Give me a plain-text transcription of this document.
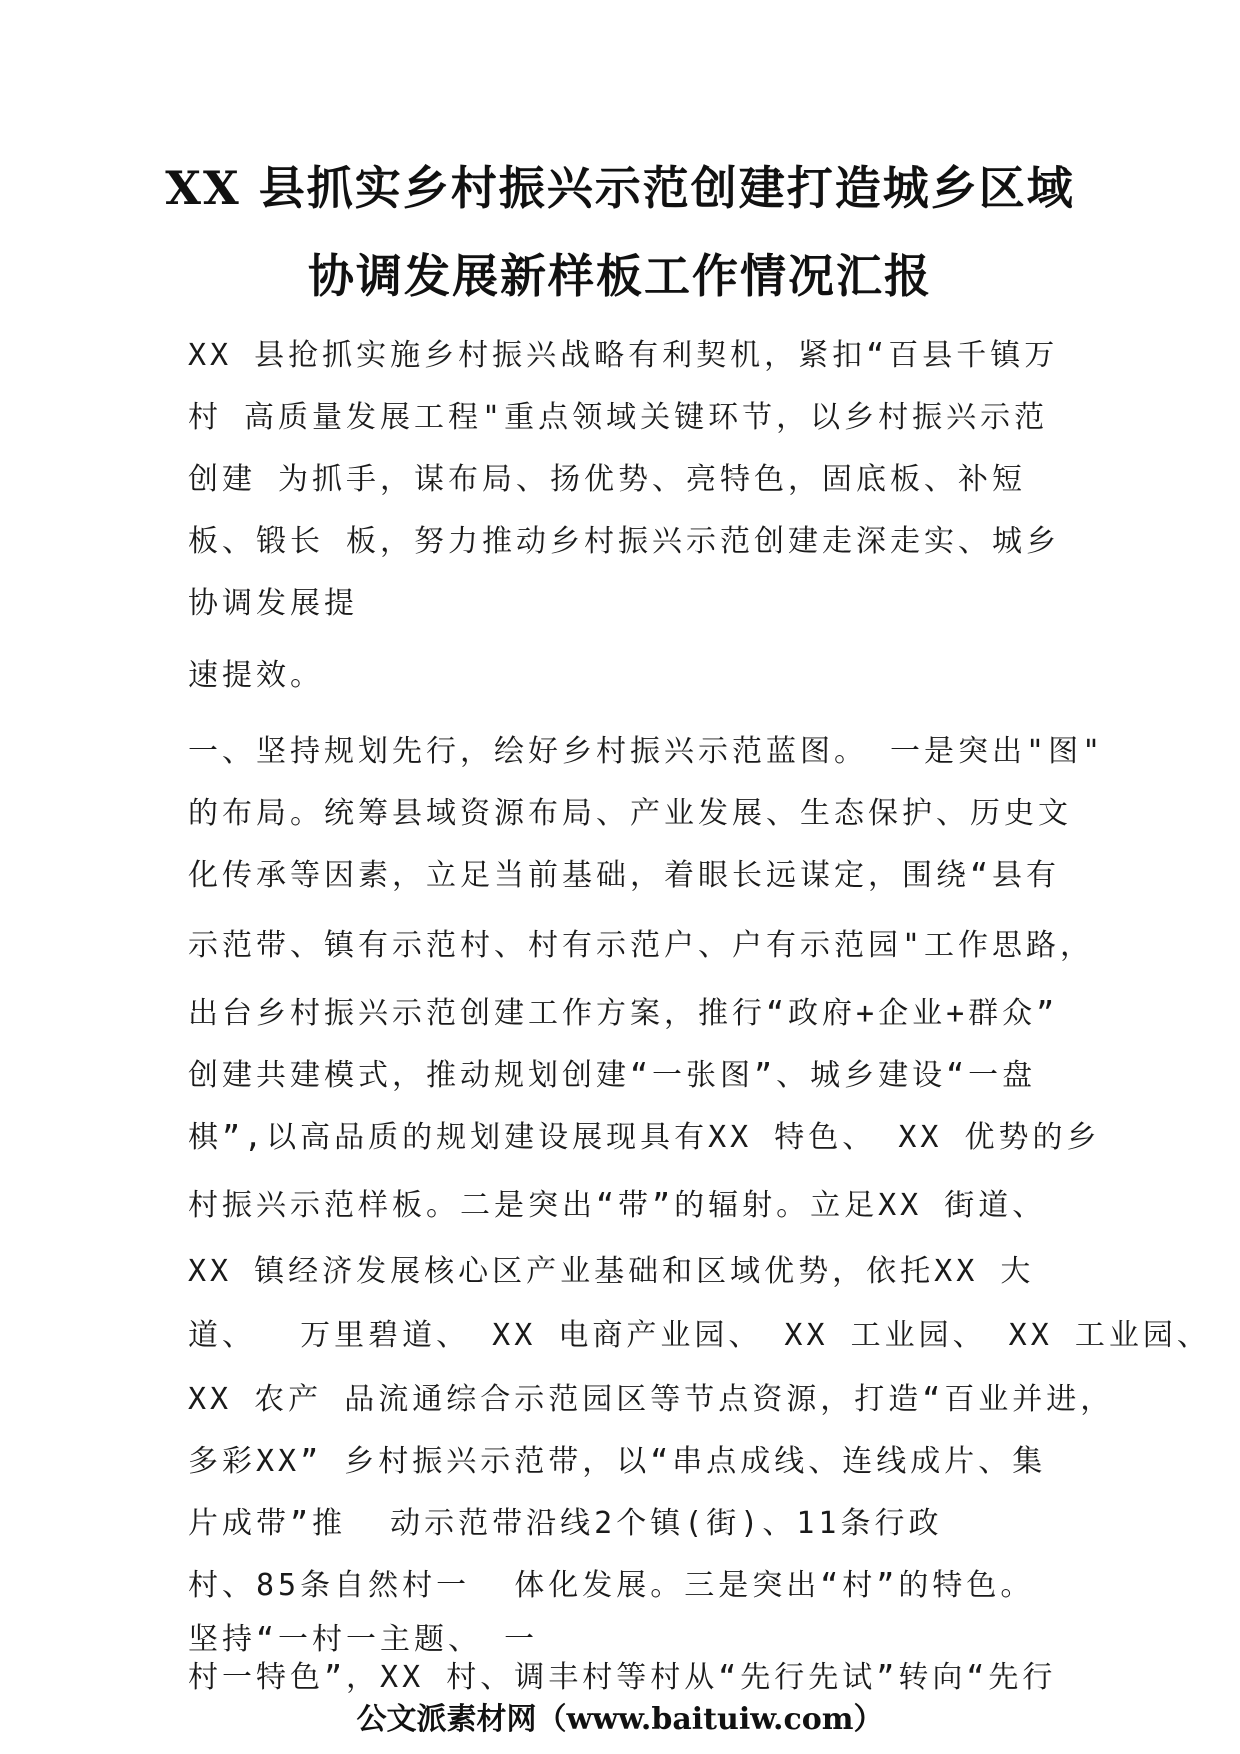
XX 县抓实乡村振兴示范创建打造城乡区域
协调发展新样板工作情况汇报
XX 县抢抓实施乡村振兴战略有利契机，紧扣“百县千镇万
村 高质量发展工程"重点领域关键环节，以乡村振兴示范
创建 为抓手，谋布局、扬优势、亮特色，固底板、补短
板、锻长 板，努力推动乡村振兴示范创建走深走实、城乡
协调发展提
速提效。
一、坚持规划先行，绘好乡村振兴示范蓝图。 一是突出"图"
的布局。统筹县域资源布局、产业发展、生态保护、历史文
化传承等因素，立足当前基础，着眼长远谋定，围绕“县有
示范带、镇有示范村、村有示范户、户有示范园"工作思路，
出台乡村振兴示范创建工作方案，推行“政府+企业+群众”
创建共建模式，推动规划创建“一张图”、城乡建设“一盘
棋”,以高品质的规划建设展现具有XX 特色、 XX 优势的乡
村振兴示范样板。二是突出“带”的辐射。立足XX 街道、
XX 镇经济发展核心区产业基础和区域优势，依托XX 大
道、  万里碧道、 XX 电商产业园、 XX 工业园、 XX 工业园、
XX 农产 品流通综合示范园区等节点资源，打造“百业并进，
多彩XX” 乡村振兴示范带，以“串点成线、连线成片、集
片成带”推  动示范带沿线2个镇(街)、11条行政
村、85条自然村一  体化发展。三是突出“村”的特色。
坚持“一村一主题、 一
村一特色”，XX 村、调丰村等村从“先行先试”转向“先行
公文派素材网（www.baituiw.com）
